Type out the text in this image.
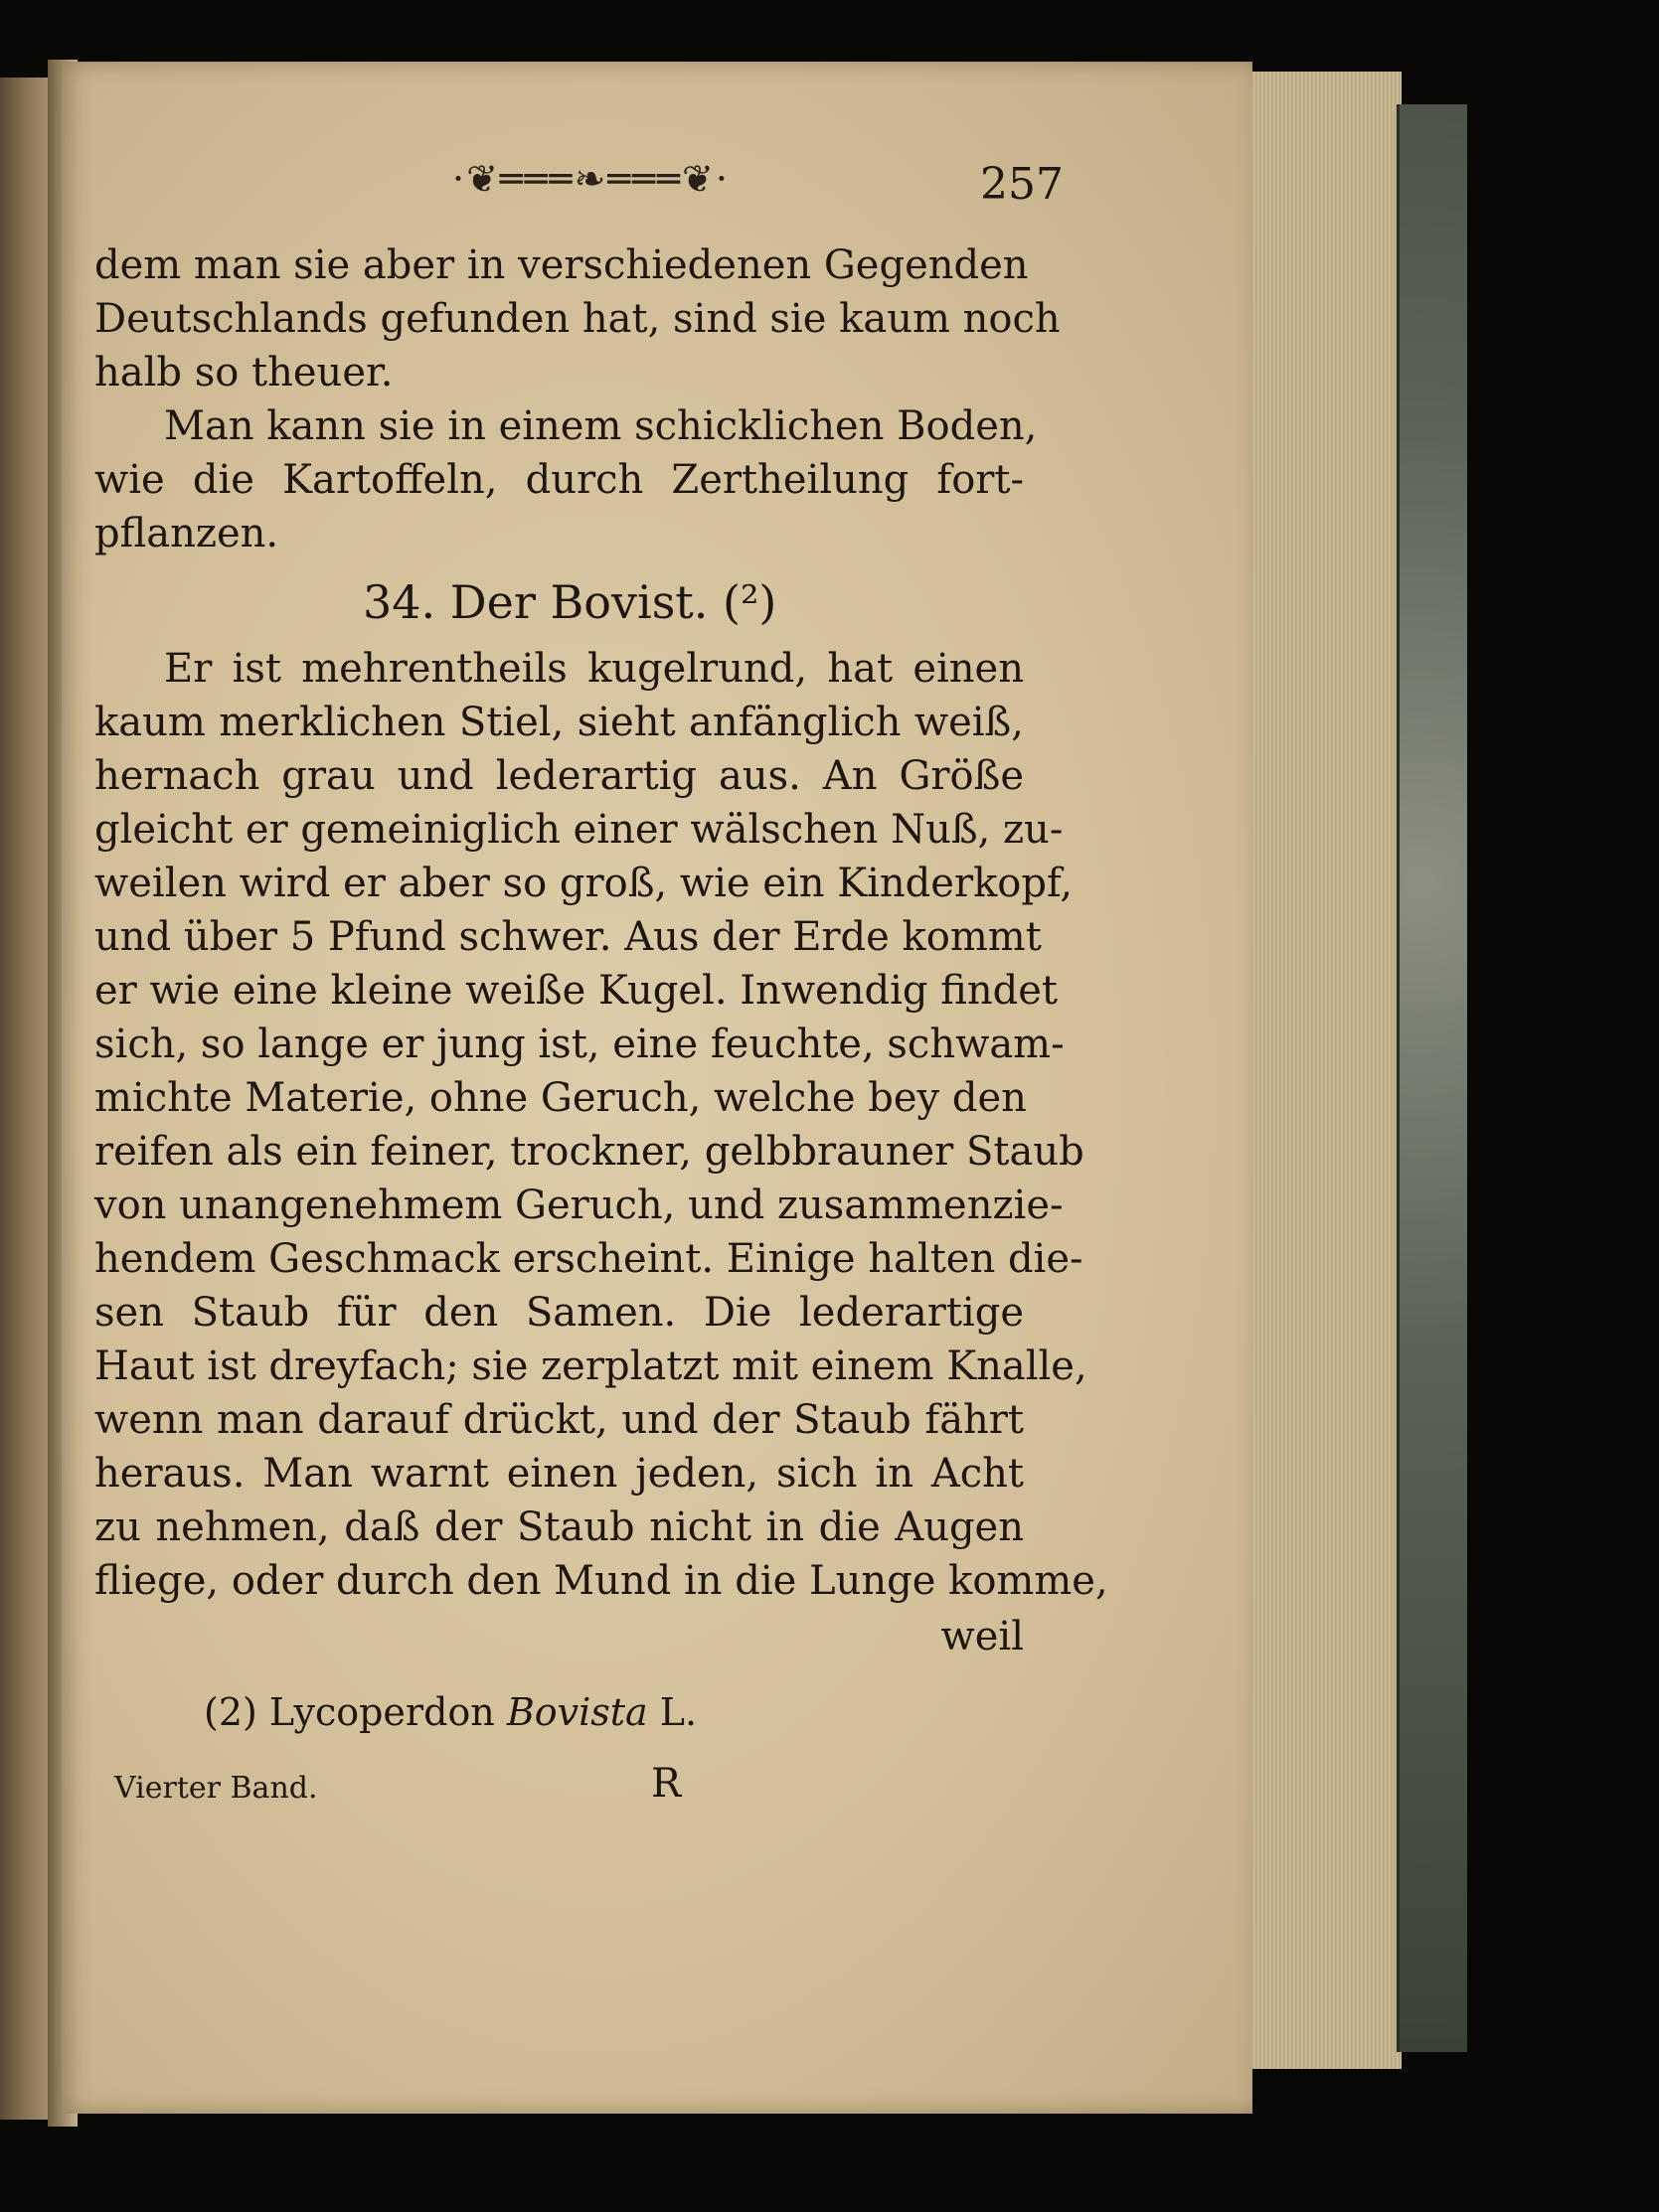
·❦═══❧═══❦·	257

dem man sie aber in verschiedenen Gegenden

Deutschlands gefunden hat, sind sie kaum noch

halb so theuer.

Man kann sie in einem schicklichen Boden,

wie die Kartoffeln, durch Zertheilung fort-

pflanzen.

34. Der Bovist. (²)

Er ist mehrentheils kugelrund, hat einen

kaum merklichen Stiel, sieht anfänglich weiß,

hernach grau und lederartig aus. An Größe

gleicht er gemeiniglich einer wälschen Nuß, zu-

weilen wird er aber so groß, wie ein Kinderkopf,

und über 5 Pfund schwer. Aus der Erde kommt

er wie eine kleine weiße Kugel. Inwendig findet

sich, so lange er jung ist, eine feuchte, schwam-

michte Materie, ohne Geruch, welche bey den

reifen als ein feiner, trockner, gelbbrauner Staub

von unangenehmem Geruch, und zusammenzie-

hendem Geschmack erscheint. Einige halten die-

sen Staub für den Samen. Die lederartige

Haut ist dreyfach; sie zerplatzt mit einem Knalle,

wenn man darauf drückt, und der Staub fährt

heraus. Man warnt einen jeden, sich in Acht

zu nehmen, daß der Staub nicht in die Augen

fliege, oder durch den Mund in die Lunge komme,

weil
(2) Lycoperdon Bovista L.
Vierter Band.	R
